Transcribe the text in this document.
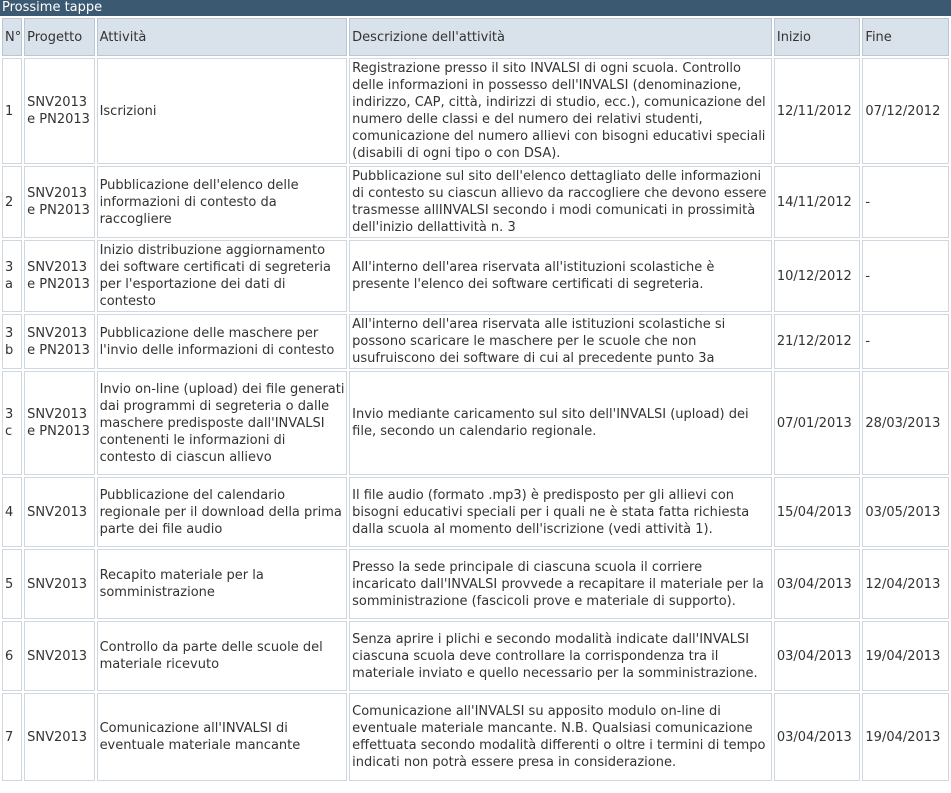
Prossime tappe
N°	Progetto	Attività	Descrizione dell'attività	Inizio	Fine
1	SNV2013 e PN2013	Iscrizioni	Registrazione presso il sito INVALSI di ogni scuola. Controllo delle informazioni in possesso dell'INVALSI (denominazione, indirizzo, CAP, città, indirizzi di studio, ecc.), comunicazione del numero delle classi e del numero dei relativi studenti, comunicazione del numero allievi con bisogni educativi speciali (disabili di ogni tipo o con DSA).	12/11/2012	07/12/2012
2	SNV2013 e PN2013	Pubblicazione dell'elenco delle informazioni di contesto da raccogliere	Pubblicazione sul sito dell'elenco dettagliato delle informazioni di contesto su ciascun allievo da raccogliere che devono essere trasmesse allINVALSI secondo i modi comunicati in prossimità dell'inizio dellattività n. 3	14/11/2012	-
3a	SNV2013 e PN2013	Inizio distribuzione aggiornamento dei software certificati di segreteria per l'esportazione dei dati di contesto	All'interno dell'area riservata all'istituzioni scolastiche è presente l'elenco dei software certificati di segreteria.	10/12/2012	-
3b	SNV2013 e PN2013	Pubblicazione delle maschere per l'invio delle informazioni di contesto	All'interno dell'area riservata alle istituzioni scolastiche si possono scaricare le maschere per le scuole che non usufruiscono dei software di cui al precedente punto 3a	21/12/2012	-
3c	SNV2013 e PN2013	Invio on-line (upload) dei file generati dai programmi di segreteria o dalle maschere predisposte dall'INVALSI contenenti le informazioni di contesto di ciascun allievo	Invio mediante caricamento sul sito dell'INVALSI (upload) dei file, secondo un calendario regionale.	07/01/2013	28/03/2013
4	SNV2013	Pubblicazione del calendario regionale per il download della prima parte dei file audio	Il file audio (formato .mp3) è predisposto per gli allievi con bisogni educativi speciali per i quali ne è stata fatta richiesta dalla scuola al momento dell'iscrizione (vedi attività 1).	15/04/2013	03/05/2013
5	SNV2013	Recapito materiale per la somministrazione	Presso la sede principale di ciascuna scuola il corriere incaricato dall'INVALSI provvede a recapitare il materiale per la somministrazione (fascicoli prove e materiale di supporto).	03/04/2013	12/04/2013
6	SNV2013	Controllo da parte delle scuole del materiale ricevuto	Senza aprire i plichi e secondo modalità indicate dall'INVALSI ciascuna scuola deve controllare la corrispondenza tra il materiale inviato e quello necessario per la somministrazione.	03/04/2013	19/04/2013
7	SNV2013	Comunicazione all'INVALSI di eventuale materiale mancante	Comunicazione all'INVALSI su apposito modulo on-line di eventuale materiale mancante. N.B. Qualsiasi comunicazione effettuata secondo modalità differenti o oltre i termini di tempo indicati non potrà essere presa in considerazione.	03/04/2013	19/04/2013
